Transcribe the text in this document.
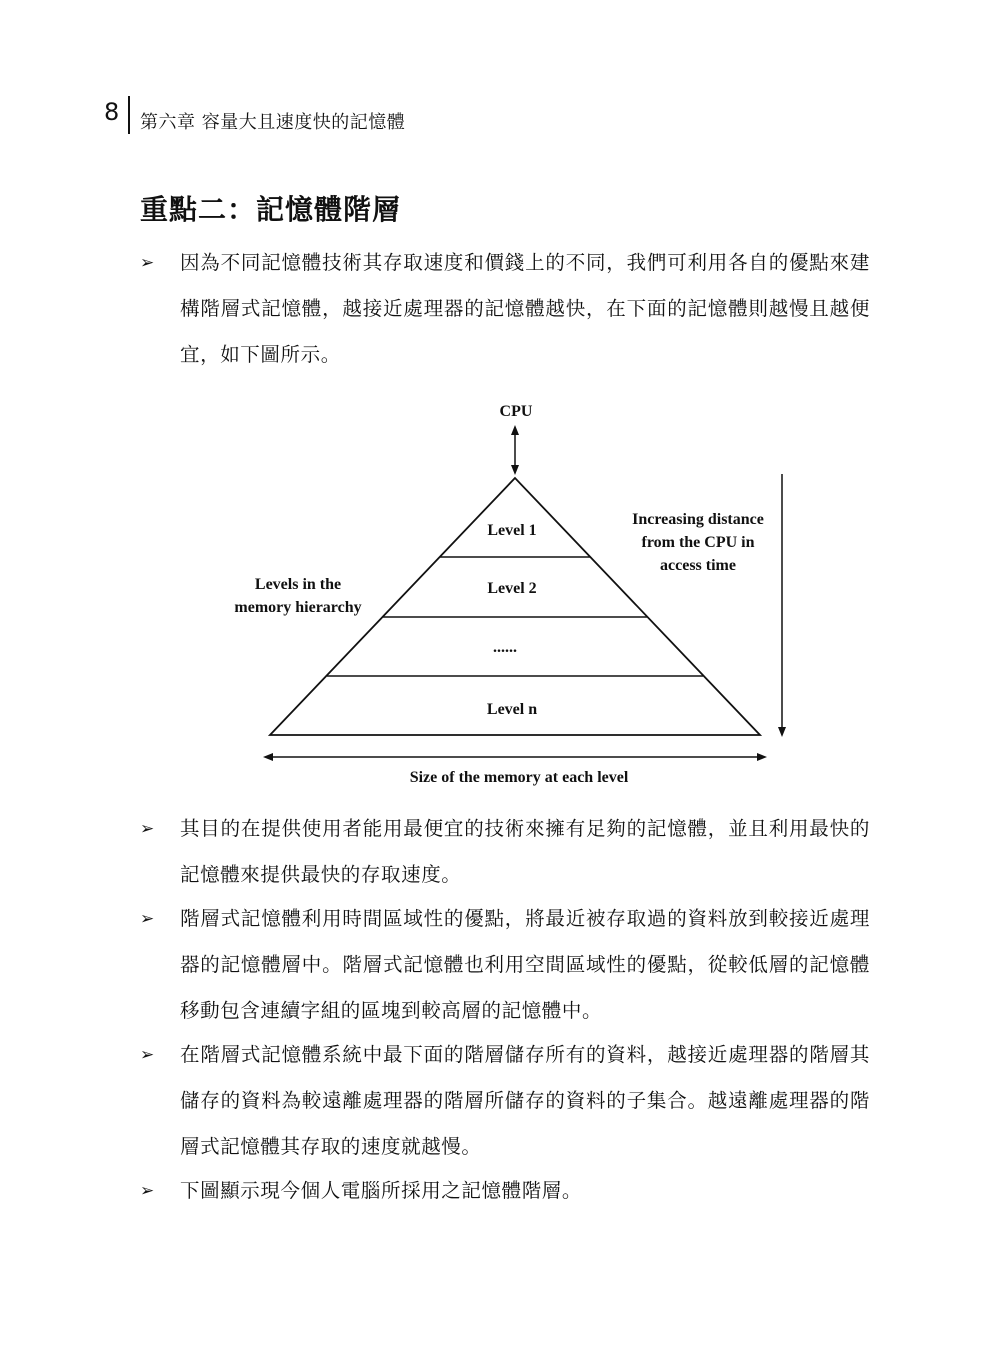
8 第六章 容量大且速度快的記憶體
重點二：記憶體階層
➢ 因為不同記憶體技術其存取速度和價錢上的不同，我們可利用各自的優點來建構階層式記憶體，越接近處理器的記憶體越快，在下面的記憶體則越慢且越便宜，如下圖所示。
CPU
Level 1
Level 2
......
Level n
Levels in the
memory hierarchy
Increasing distance
from the CPU in
access time
Size of the memory at each level
➢ 其目的在提供使用者能用最便宜的技術來擁有足夠的記憶體，並且利用最快的記憶體來提供最快的存取速度。
➢ 階層式記憶體利用時間區域性的優點，將最近被存取過的資料放到較接近處理器的記憶體層中。階層式記憶體也利用空間區域性的優點，從較低層的記憶體移動包含連續字組的區塊到較高層的記憶體中。
➢ 在階層式記憶體系統中最下面的階層儲存所有的資料，越接近處理器的階層其儲存的資料為較遠離處理器的階層所儲存的資料的子集合。越遠離處理器的階層式記憶體其存取的速度就越慢。
➢ 下圖顯示現今個人電腦所採用之記憶體階層。
